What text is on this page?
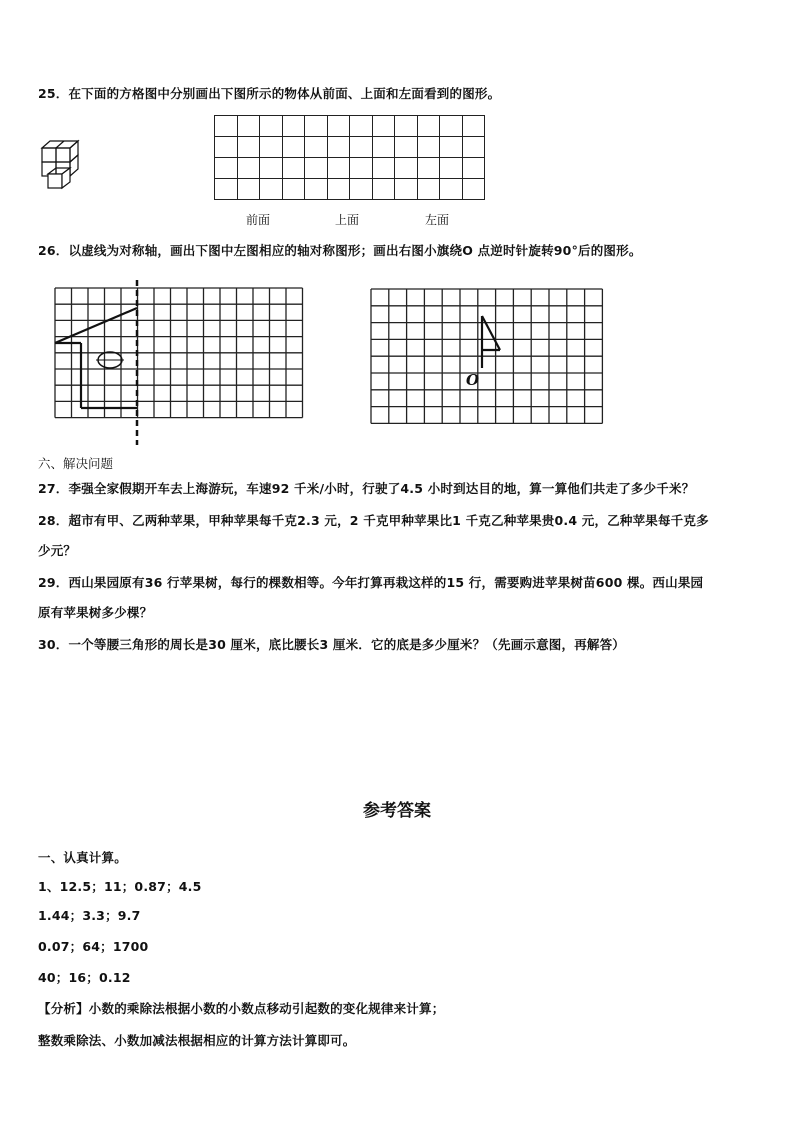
25．在下面的方格图中分别画出下图所示的物体从前面、上面和左面看到的图形。

前面	上面	左面
26．以虚线为对称轴，画出下图中左图相应的轴对称图形；画出右图小旗绕O 点逆时针旋转90°后的图形。
O
六、解决问题
27．李强全家假期开车去上海游玩，车速92 千米/小时，行驶了4.5 小时到达目的地，算一算他们共走了多少千米？
28．超市有甲、乙两种苹果，甲种苹果每千克2.3 元，2 千克甲种苹果比1 千克乙种苹果贵0.4 元，乙种苹果每千克多
少元？
29．西山果园原有36 行苹果树，每行的棵数相等。今年打算再栽这样的15 行，需要购进苹果树苗600 棵。西山果园
原有苹果树多少棵？
30．一个等腰三角形的周长是30 厘米，底比腰长3 厘米．它的底是多少厘米？（先画示意图，再解答）
参考答案
一、认真计算。
1、12.5；11；0.87；4.5
1.44；3.3；9.7
0.07；64；1700
40；16；0.12
【分析】小数的乘除法根据小数的小数点移动引起数的变化规律来计算；
整数乘除法、小数加减法根据相应的计算方法计算即可。
